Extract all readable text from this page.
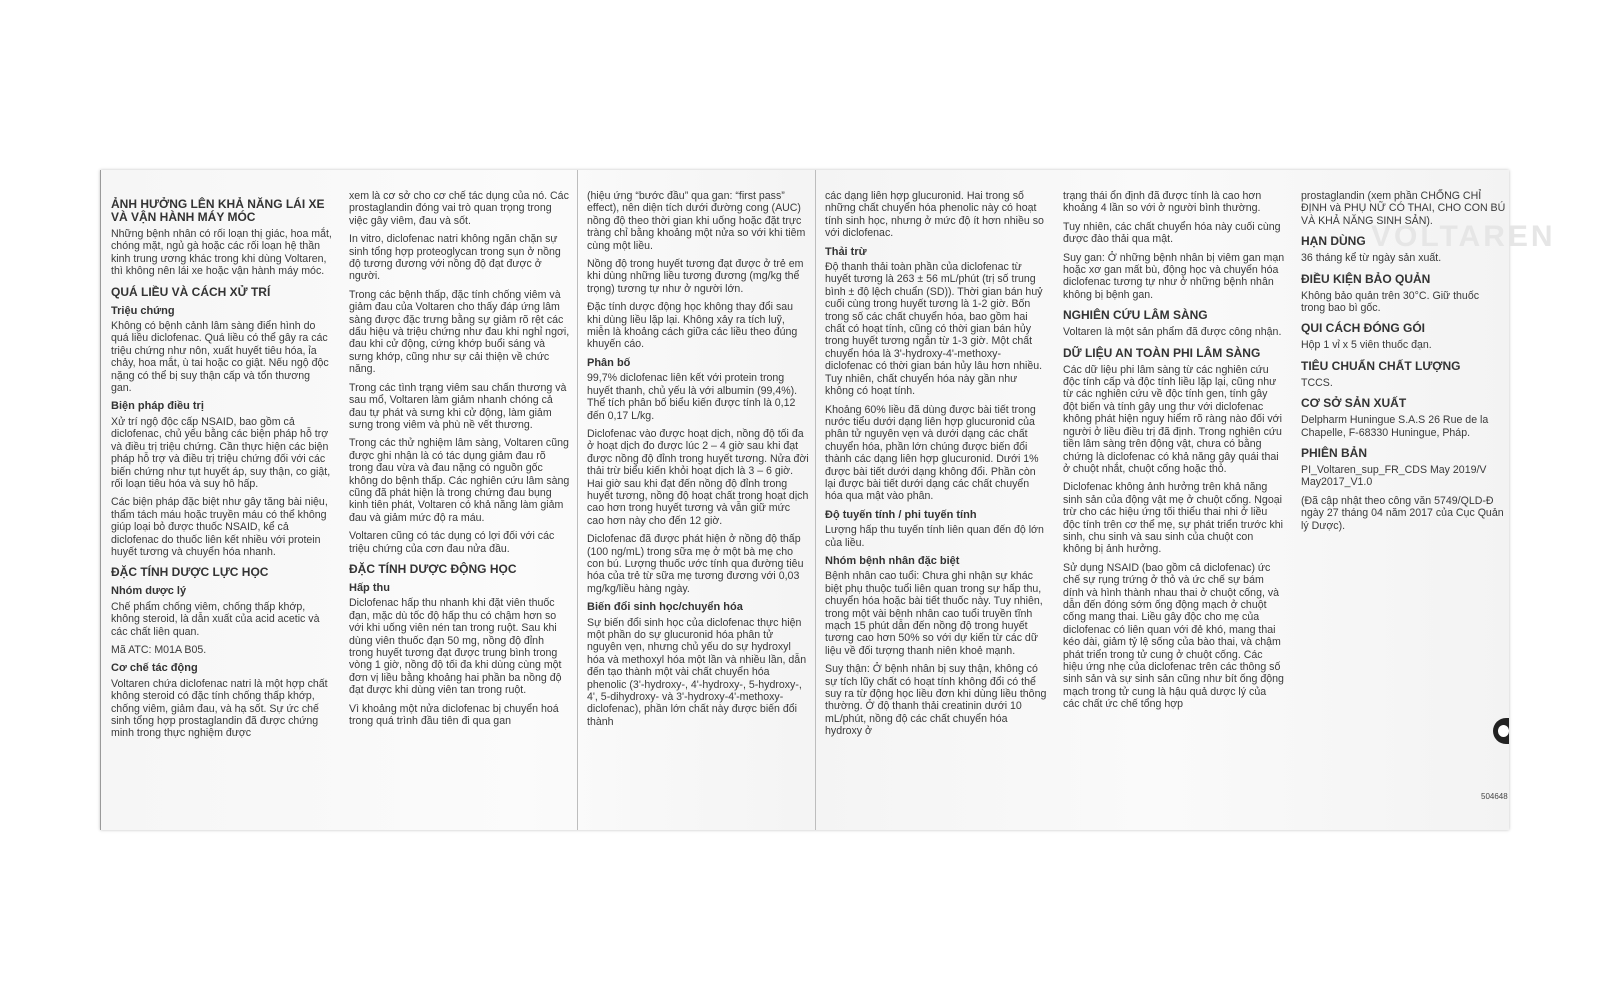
VOLTAREN
ẢNH HƯỞNG LÊN KHẢ NĂNG LÁI XE VÀ VẬN HÀNH MÁY MÓC

Những bệnh nhân có rối loạn thị giác, hoa mắt, chóng mặt, ngủ gà hoặc các rối loạn hệ thần kinh trung ương khác trong khi dùng Voltaren, thì không nên lái xe hoặc vận hành máy móc.

QUÁ LIỀU VÀ CÁCH XỬ TRÍ
Triệu chứng

Không có bệnh cảnh lâm sàng điển hình do quá liều diclofenac. Quá liều có thể gây ra các triệu chứng như nôn, xuất huyết tiêu hóa, ỉa chảy, hoa mắt, ù tai hoặc co giật. Nếu ngộ độc nặng có thể bị suy thận cấp và tổn thương gan.

Biện pháp điều trị

Xử trí ngộ độc cấp NSAID, bao gồm cả diclofenac, chủ yếu bằng các biện pháp hỗ trợ và điều trị triệu chứng. Cần thực hiện các biện pháp hỗ trợ và điều trị triệu chứng đối với các biến chứng như tụt huyết áp, suy thận, co giật, rối loạn tiêu hóa và suy hô hấp.

Các biện pháp đặc biệt như gây tăng bài niệu, thẩm tách máu hoặc truyền máu có thể không giúp loại bỏ được thuốc NSAID, kể cả diclofenac do thuốc liên kết nhiều với protein huyết tương và chuyển hóa nhanh.

ĐẶC TÍNH DƯỢC LỰC HỌC
Nhóm dược lý

Chế phẩm chống viêm, chống thấp khớp, không steroid, là dẫn xuất của acid acetic và các chất liên quan.

Mã ATC: M01A B05.

Cơ chế tác động

Voltaren chứa diclofenac natri là một hợp chất không steroid có đặc tính chống thấp khớp, chống viêm, giảm đau, và hạ sốt. Sự ức chế sinh tổng hợp prostaglandin đã được chứng minh trong thực nghiệm được

xem là cơ sở cho cơ chế tác dụng của nó. Các prostaglandin đóng vai trò quan trọng trong việc gây viêm, đau và sốt.

In vitro, diclofenac natri không ngăn chặn sự sinh tổng hợp proteoglycan trong sụn ở nồng độ tương đương với nồng độ đạt được ở người.

Trong các bệnh thấp, đặc tính chống viêm và giảm đau của Voltaren cho thấy đáp ứng lâm sàng được đặc trưng bằng sự giảm rõ rệt các dấu hiệu và triệu chứng như đau khi nghỉ ngơi, đau khi cử động, cứng khớp buổi sáng và sưng khớp, cũng như sự cải thiện về chức năng.

Trong các tình trạng viêm sau chấn thương và sau mổ, Voltaren làm giảm nhanh chóng cả đau tự phát và sưng khi cử động, làm giảm sưng trong viêm và phù nề vết thương.

Trong các thử nghiệm lâm sàng, Voltaren cũng được ghi nhận là có tác dụng giảm đau rõ trong đau vừa và đau nặng có nguồn gốc không do bệnh thấp. Các nghiên cứu lâm sàng cũng đã phát hiện là trong chứng đau bụng kinh tiên phát, Voltaren có khả năng làm giảm đau và giảm mức độ ra máu.

Voltaren cũng có tác dụng có lợi đối với các triệu chứng của cơn đau nửa đầu.

ĐẶC TÍNH DƯỢC ĐỘNG HỌC
Hấp thu

Diclofenac hấp thu nhanh khi đặt viên thuốc đạn, mặc dù tốc độ hấp thu có chậm hơn so với khi uống viên nén tan trong ruột. Sau khi dùng viên thuốc đạn 50 mg, nồng độ đỉnh trong huyết tương đạt được trung bình trong vòng 1 giờ, nồng độ tối đa khi dùng cùng một đơn vị liều bằng khoảng hai phần ba nồng độ đạt được khi dùng viên tan trong ruột.

Vì khoảng một nửa diclofenac bị chuyển hoá trong quá trình đầu tiên đi qua gan

(hiệu ứng “bước đầu” qua gan: “first pass” effect), nên diện tích dưới đường cong (AUC) nồng độ theo thời gian khi uống hoặc đặt trực tràng chỉ bằng khoảng một nửa so với khi tiêm cùng một liều.

Nồng độ trong huyết tương đạt được ở trẻ em khi dùng những liều tương đương (mg/kg thể trọng) tương tự như ở người lớn.

Đặc tính dược động học không thay đổi sau khi dùng liều lặp lại. Không xảy ra tích luỹ, miễn là khoảng cách giữa các liều theo đúng khuyến cáo.

Phân bố

99,7% diclofenac liên kết với protein trong huyết thanh, chủ yếu là với albumin (99,4%). Thể tích phân bố biểu kiến được tính là 0,12 đến 0,17 L/kg.

Diclofenac vào được hoạt dịch, nồng độ tối đa ở hoạt dịch đo được lúc 2 – 4 giờ sau khi đạt được nồng độ đỉnh trong huyết tương. Nửa đời thải trừ biểu kiến khỏi hoạt dịch là 3 – 6 giờ. Hai giờ sau khi đạt đến nồng độ đỉnh trong huyết tương, nồng độ hoạt chất trong hoạt dịch cao hơn trong huyết tương và vẫn giữ mức cao hơn này cho đến 12 giờ.

Diclofenac đã được phát hiện ở nồng độ thấp (100 ng/mL) trong sữa mẹ ở một bà mẹ cho con bú. Lượng thuốc ước tính qua đường tiêu hóa của trẻ từ sữa mẹ tương đương với 0,03 mg/kg/liều hàng ngày.

Biến đổi sinh học/chuyển hóa

Sự biến đổi sinh học của diclofenac thực hiện một phần do sự glucuronid hóa phân tử nguyên vẹn, nhưng chủ yếu do sự hydroxyl hóa và methoxyl hóa một lần và nhiều lần, dẫn đến tạo thành một vài chất chuyển hóa phenolic (3'-hydroxy-, 4'-hydroxy-, 5-hydroxy-, 4', 5-dihydroxy- và 3'-hydroxy-4'-methoxy-diclofenac), phần lớn chất này được biến đổi thành

các dạng liên hợp glucuronid. Hai trong số những chất chuyển hóa phenolic này có hoạt tính sinh học, nhưng ở mức độ ít hơn nhiều so với diclofenac.

Thải trừ

Độ thanh thải toàn phần của diclofenac từ huyết tương là 263 ± 56 mL/phút (trị số trung bình ± độ lệch chuẩn (SD)). Thời gian bán huỷ cuối cùng trong huyết tương là 1-2 giờ. Bốn trong số các chất chuyển hóa, bao gồm hai chất có hoạt tính, cũng có thời gian bán hủy trong huyết tương ngắn từ 1-3 giờ. Một chất chuyển hóa là 3'-hydroxy-4'-methoxy-diclofenac có thời gian bán hủy lâu hơn nhiều. Tuy nhiên, chất chuyển hóa này gần như không có hoạt tính.

Khoảng 60% liều đã dùng được bài tiết trong nước tiểu dưới dạng liên hợp glucuronid của phân tử nguyên vẹn và dưới dạng các chất chuyển hóa, phần lớn chúng được biến đổi thành các dạng liên hợp glucuronid. Dưới 1% được bài tiết dưới dạng không đổi. Phần còn lại được bài tiết dưới dạng các chất chuyển hóa qua mật vào phân.

Độ tuyến tính / phi tuyến tính

Lượng hấp thu tuyến tính liên quan đến độ lớn của liều.

Nhóm bệnh nhân đặc biệt

Bệnh nhân cao tuổi: Chưa ghi nhận sự khác biệt phụ thuộc tuổi liên quan trong sự hấp thu, chuyển hóa hoặc bài tiết thuốc này. Tuy nhiên, trong một vài bệnh nhân cao tuổi truyền tĩnh mạch 15 phút dẫn đến nồng độ trong huyết tương cao hơn 50% so với dự kiến từ các dữ liệu về đối tượng thanh niên khoẻ mạnh.

Suy thận: Ở bệnh nhân bị suy thận, không có sự tích lũy chất có hoạt tính không đổi có thể suy ra từ động học liều đơn khi dùng liều thông thường. Ở độ thanh thải creatinin dưới 10 mL/phút, nồng độ các chất chuyển hóa hydroxy ở

trạng thái ổn định đã được tính là cao hơn khoảng 4 lần so với ở người bình thường.

Tuy nhiên, các chất chuyển hóa này cuối cùng được đào thải qua mật.

Suy gan: Ở những bệnh nhân bị viêm gan mạn hoặc xơ gan mất bù, động học và chuyển hóa diclofenac tương tự như ở những bệnh nhân không bị bệnh gan.

NGHIÊN CỨU LÂM SÀNG

Voltaren là một sản phẩm đã được công nhận.

DỮ LIỆU AN TOÀN PHI LÂM SÀNG

Các dữ liệu phi lâm sàng từ các nghiên cứu độc tính cấp và độc tính liều lặp lại, cũng như từ các nghiên cứu về độc tính gen, tính gây đột biến và tính gây ung thư với diclofenac không phát hiện nguy hiểm rõ ràng nào đối với người ở liều điều trị đã định. Trong nghiên cứu tiền lâm sàng trên động vật, chưa có bằng chứng là diclofenac có khả năng gây quái thai ở chuột nhắt, chuột cống hoặc thỏ.

Diclofenac không ảnh hưởng trên khả năng sinh sản của động vật mẹ ở chuột cống. Ngoại trừ cho các hiệu ứng tối thiểu thai nhi ở liều độc tính trên cơ thể mẹ, sự phát triển trước khi sinh, chu sinh và sau sinh của chuột con không bị ảnh hưởng.

Sử dụng NSAID (bao gồm cả diclofenac) ức chế sự rụng trứng ở thỏ và ức chế sự bám dính và hình thành nhau thai ở chuột cống, và dẫn đến đóng sớm ống động mạch ở chuột cống mang thai. Liều gây độc cho mẹ của diclofenac có liên quan với đẻ khó, mang thai kéo dài, giảm tỷ lệ sống của bào thai, và chậm phát triển trong tử cung ở chuột cống. Các hiệu ứng nhẹ của diclofenac trên các thông số sinh sản và sự sinh sản cũng như bít ống động mạch trong tử cung là hậu quả dược lý của các chất ức chế tổng hợp

prostaglandin (xem phần CHỐNG CHỈ ĐỊNH và PHỤ NỮ CÓ THAI, CHO CON BÚ VÀ KHẢ NĂNG SINH SẢN).

HẠN DÙNG

36 tháng kể từ ngày sản xuất.

ĐIỀU KIỆN BẢO QUẢN

Không bảo quản trên 30°C. Giữ thuốc trong bao bì gốc.

QUI CÁCH ĐÓNG GÓI

Hộp 1 vỉ x 5 viên thuốc đạn.

TIÊU CHUẨN CHẤT LƯỢNG

TCCS.

CƠ SỞ SẢN XUẤT

Delpharm Huningue S.A.S 26 Rue de la Chapelle, F-68330 Huningue, Pháp.

PHIÊN BẢN

PI_Voltaren_sup_FR_CDS May 2019/V May2017_V1.0

(Đã cập nhật theo công văn 5749/QLD-Đ ngày 27 tháng 04 năm 2017 của Cục Quản lý Dược).

504648
